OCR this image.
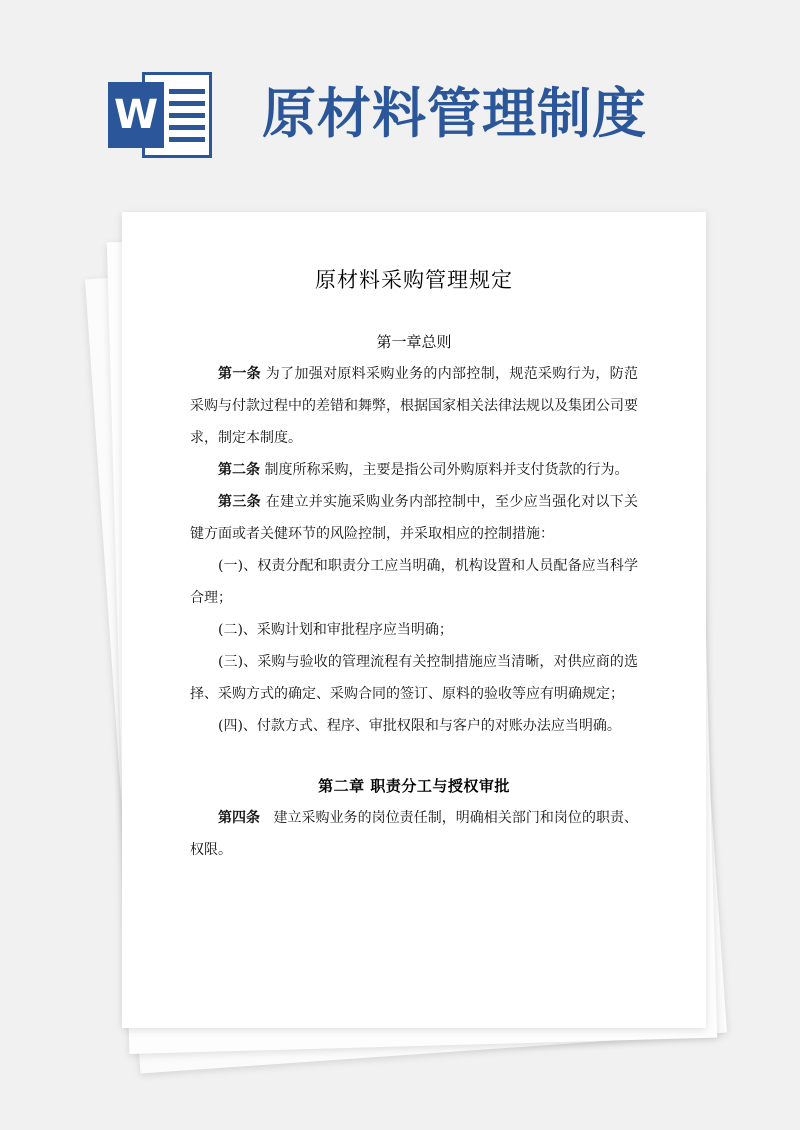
W 原材料管理制度
原材料采购管理规定
第一章总则

第一条 为了加强对原料采购业务的内部控制，规范采购行为，防范采购与付款过程中的差错和舞弊，根据国家相关法律法规以及集团公司要求，制定本制度。

第二条 制度所称采购，主要是指公司外购原料并支付货款的行为。

第三条 在建立并实施采购业务内部控制中，至少应当强化对以下关键方面或者关健环节的风险控制，并采取相应的控制措施：

(一)、权责分配和职责分工应当明确，机构设置和人员配备应当科学合理；

(二)、采购计划和审批程序应当明确；

(三)、采购与验收的管理流程有关控制措施应当清晰，对供应商的选择、采购方式的确定、采购合同的签订、原料的验收等应有明确规定；

(四)、付款方式、程序、审批权限和与客户的对账办法应当明确。

第二章 职责分工与授权审批

第四条 建立采购业务的岗位责任制，明确相关部门和岗位的职责、权限。
